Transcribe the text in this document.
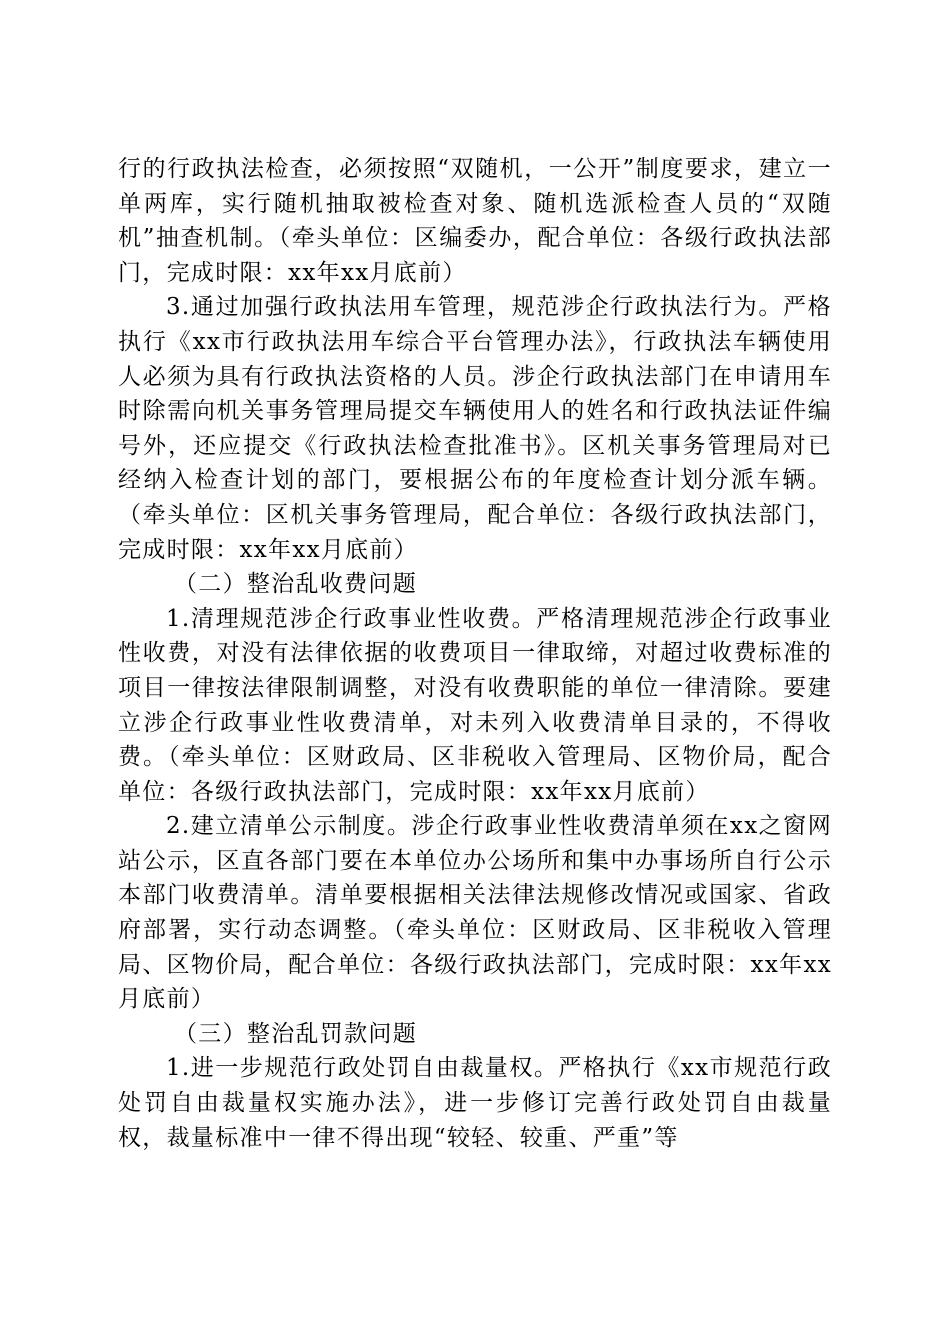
行的行政执法检查，必须按照“双随机，一公开”制度要求，建立一单两库，实行随机抽取被检查对象、随机选派检查人员的“双随机”抽查机制。（牵头单位：区编委办，配合单位：各级行政执法部门，完成时限：xx年xx月底前）

3.通过加强行政执法用车管理，规范涉企行政执法行为。严格执行《xx市行政执法用车综合平台管理办法》，行政执法车辆使用人必须为具有行政执法资格的人员。涉企行政执法部门在申请用车时除需向机关事务管理局提交车辆使用人的姓名和行政执法证件编号外，还应提交《行政执法检查批准书》。区机关事务管理局对已经纳入检查计划的部门，要根据公布的年度检查计划分派车辆。（牵头单位：区机关事务管理局，配合单位：各级行政执法部门，完成时限：xx年xx月底前）

（二）整治乱收费问题

1.清理规范涉企行政事业性收费。严格清理规范涉企行政事业性收费，对没有法律依据的收费项目一律取缔，对超过收费标准的项目一律按法律限制调整，对没有收费职能的单位一律清除。要建立涉企行政事业性收费清单，对未列入收费清单目录的，不得收费。（牵头单位：区财政局、区非税收入管理局、区物价局，配合单位：各级行政执法部门，完成时限：xx年xx月底前）

2.建立清单公示制度。涉企行政事业性收费清单须在xx之窗网站公示，区直各部门要在本单位办公场所和集中办事场所自行公示本部门收费清单。清单要根据相关法律法规修改情况或国家、省政府部署，实行动态调整。（牵头单位：区财政局、区非税收入管理局、区物价局，配合单位：各级行政执法部门，完成时限：xx年xx月底前）

（三）整治乱罚款问题

1.进一步规范行政处罚自由裁量权。严格执行《xx市规范行政处罚自由裁量权实施办法》，进一步修订完善行政处罚自由裁量权，裁量标准中一律不得出现“较轻、较重、严重”等
